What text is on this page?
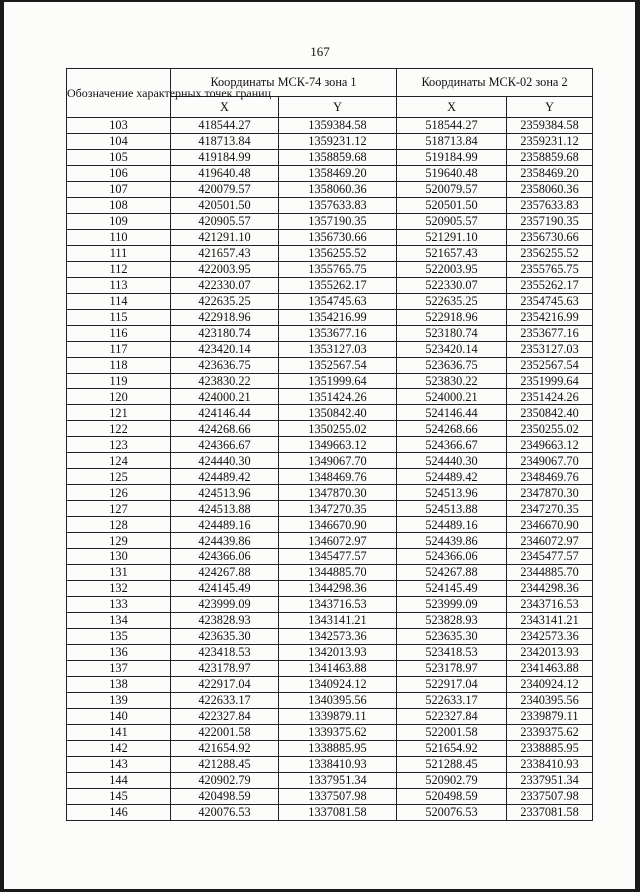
167
Обозначение характерных точек границ	Координаты МСК-74 зона 1		Координаты МСК-02 зона 2	
	X	Y	X	Y
103	418544.27	1359384.58	518544.27	2359384.58
104	418713.84	1359231.12	518713.84	2359231.12
105	419184.99	1358859.68	519184.99	2358859.68
106	419640.48	1358469.20	519640.48	2358469.20
107	420079.57	1358060.36	520079.57	2358060.36
108	420501.50	1357633.83	520501.50	2357633.83
109	420905.57	1357190.35	520905.57	2357190.35
110	421291.10	1356730.66	521291.10	2356730.66
111	421657.43	1356255.52	521657.43	2356255.52
112	422003.95	1355765.75	522003.95	2355765.75
113	422330.07	1355262.17	522330.07	2355262.17
114	422635.25	1354745.63	522635.25	2354745.63
115	422918.96	1354216.99	522918.96	2354216.99
116	423180.74	1353677.16	523180.74	2353677.16
117	423420.14	1353127.03	523420.14	2353127.03
118	423636.75	1352567.54	523636.75	2352567.54
119	423830.22	1351999.64	523830.22	2351999.64
120	424000.21	1351424.26	524000.21	2351424.26
121	424146.44	1350842.40	524146.44	2350842.40
122	424268.66	1350255.02	524268.66	2350255.02
123	424366.67	1349663.12	524366.67	2349663.12
124	424440.30	1349067.70	524440.30	2349067.70
125	424489.42	1348469.76	524489.42	2348469.76
126	424513.96	1347870.30	524513.96	2347870.30
127	424513.88	1347270.35	524513.88	2347270.35
128	424489.16	1346670.90	524489.16	2346670.90
129	424439.86	1346072.97	524439.86	2346072.97
130	424366.06	1345477.57	524366.06	2345477.57
131	424267.88	1344885.70	524267.88	2344885.70
132	424145.49	1344298.36	524145.49	2344298.36
133	423999.09	1343716.53	523999.09	2343716.53
134	423828.93	1343141.21	523828.93	2343141.21
135	423635.30	1342573.36	523635.30	2342573.36
136	423418.53	1342013.93	523418.53	2342013.93
137	423178.97	1341463.88	523178.97	2341463.88
138	422917.04	1340924.12	522917.04	2340924.12
139	422633.17	1340395.56	522633.17	2340395.56
140	422327.84	1339879.11	522327.84	2339879.11
141	422001.58	1339375.62	522001.58	2339375.62
142	421654.92	1338885.95	521654.92	2338885.95
143	421288.45	1338410.93	521288.45	2338410.93
144	420902.79	1337951.34	520902.79	2337951.34
145	420498.59	1337507.98	520498.59	2337507.98
146	420076.53	1337081.58	520076.53	2337081.58
